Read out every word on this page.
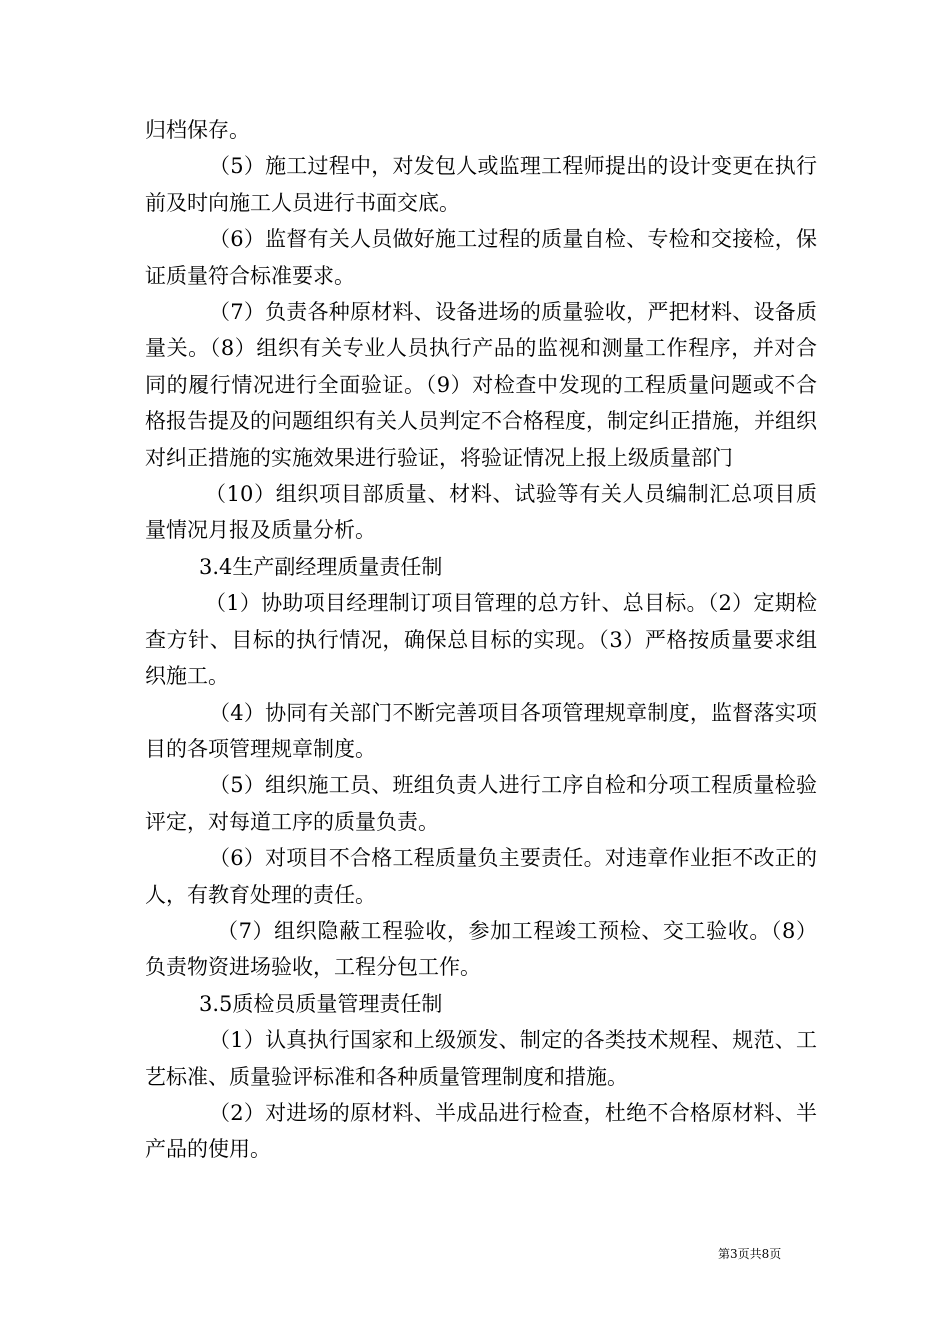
归档保存。

（5）施工过程中，对发包人或监理工程师提出的设计变更在执行前及时向施工人员进行书面交底。

（6）监督有关人员做好施工过程的质量自检、专检和交接检，保证质量符合标准要求。

（7）负责各种原材料、设备进场的质量验收，严把材料、设备质量关。（8）组织有关专业人员执行产品的监视和测量工作程序，并对合同的履行情况进行全面验证。（9）对检查中发现的工程质量问题或不合格报告提及的问题组织有关人员判定不合格程度，制定纠正措施，并组织对纠正措施的实施效果进行验证，将验证情况上报上级质量部门

（10）组织项目部质量、材料、试验等有关人员编制汇总项目质量情况月报及质量分析。

3.4生产副经理质量责任制

（1）协助项目经理制订项目管理的总方针、总目标。（2）定期检查方针、目标的执行情况，确保总目标的实现。（3）严格按质量要求组织施工。

（4）协同有关部门不断完善项目各项管理规章制度，监督落实项目的各项管理规章制度。

（5）组织施工员、班组负责人进行工序自检和分项工程质量检验评定，对每道工序的质量负责。

（6）对项目不合格工程质量负主要责任。对违章作业拒不改正的人，有教育处理的责任。

（7）组织隐蔽工程验收，参加工程竣工预检、交工验收。（8）负责物资进场验收，工程分包工作。

3.5质检员质量管理责任制

（1）认真执行国家和上级颁发、制定的各类技术规程、规范、工艺标准、质量验评标准和各种质量管理制度和措施。

（2）对进场的原材料、半成品进行检查，杜绝不合格原材料、半产品的使用。

第3页共8页
